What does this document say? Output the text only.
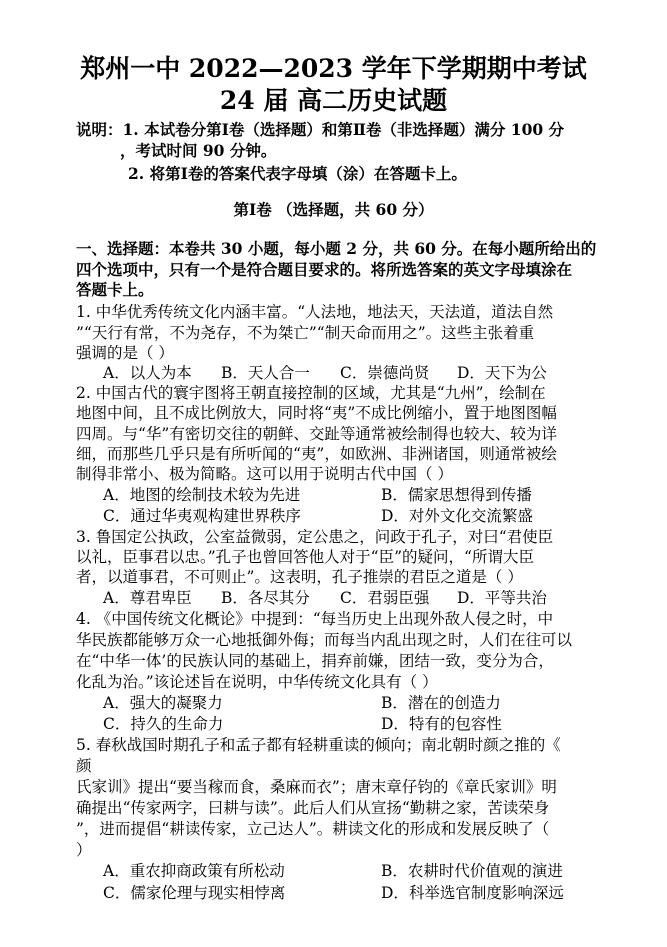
郑州一中 2022—2023 学年下学期期中考试
24 届 高二历史试题
说明：1. 本试卷分第Ⅰ卷（选择题）和第Ⅱ卷（非选择题）满分 100 分
，考试时间 90 分钟。
2. 将第Ⅰ卷的答案代表字母填（涂）在答题卡上。
第Ⅰ卷 （选择题，共 60 分）
一、选择题：本卷共 30 小题，每小题 2 分，共 60 分。在每小题所给出的
四个选项中，只有一个是符合题目要求的。将所选答案的英文字母填涂在
答题卡上。
1. 中华优秀传统文化内涵丰富。“人法地，地法天，天法道，道法自然
”“天行有常，不为尧存，不为桀亡”“制天命而用之”。这些主张着重
强调的是（ ）
A．以人为本 B．天人合一 C．崇德尚贤 D．天下为公
2. 中国古代的寰宇图将王朝直接控制的区域，尤其是“九州”，绘制在
地图中间，且不成比例放大，同时将“夷”不成比例缩小，置于地图图幅
四周。与“华”有密切交往的朝鲜、交趾等通常被绘制得也较大、较为详
细，而那些几乎只是有所听闻的“夷”，如欧洲、非洲诸国，则通常被绘
制得非常小、极为简略。这可以用于说明古代中国（ ）
A．地图的绘制技术较为先进	B．儒家思想得到传播
C．通过华夷观构建世界秩序	D．对外文化交流繁盛
3. 鲁国定公执政，公室益微弱，定公患之，问政于孔子，对曰“君使臣
以礼，臣事君以忠。”孔子也曾回答他人对于“臣”的疑问，“所谓大臣
者，以道事君，不可则止”。这表明，孔子推崇的君臣之道是（ ）
A．尊君卑臣 B．各尽其分 C．君弱臣强 D．平等共治
4. 《中国传统文化概论》中提到：“每当历史上出现外敌人侵之时，中
华民族都能够万众一心地抵御外侮；而每当内乱出现之时，人们在往可以
在“中华一体’的民族认同的基础上，捐弃前嫌，团结一致，变分为合，
化乱为治。”该论述旨在说明，中华传统文化具有（ ）
A．强大的凝聚力	B．潜在的创造力
C．持久的生命力	D．特有的包容性
5. 春秋战国时期孔子和孟子都有轻耕重读的倾向；南北朝时颜之推的《
颜
氏家训》提出“要当稼而食，桑麻而衣”；唐末章仔钧的《章氏家训》明
确提出“传家两字，曰耕与读”。此后人们从宣扬“勤耕之家，苦读荣身
”，进而提倡“耕读传家，立己达人”。耕读文化的形成和发展反映了（
）
A．重农抑商政策有所松动	B．农耕时代价值观的演进
C．儒家伦理与现实相悖离	D．科举选官制度影响深远
